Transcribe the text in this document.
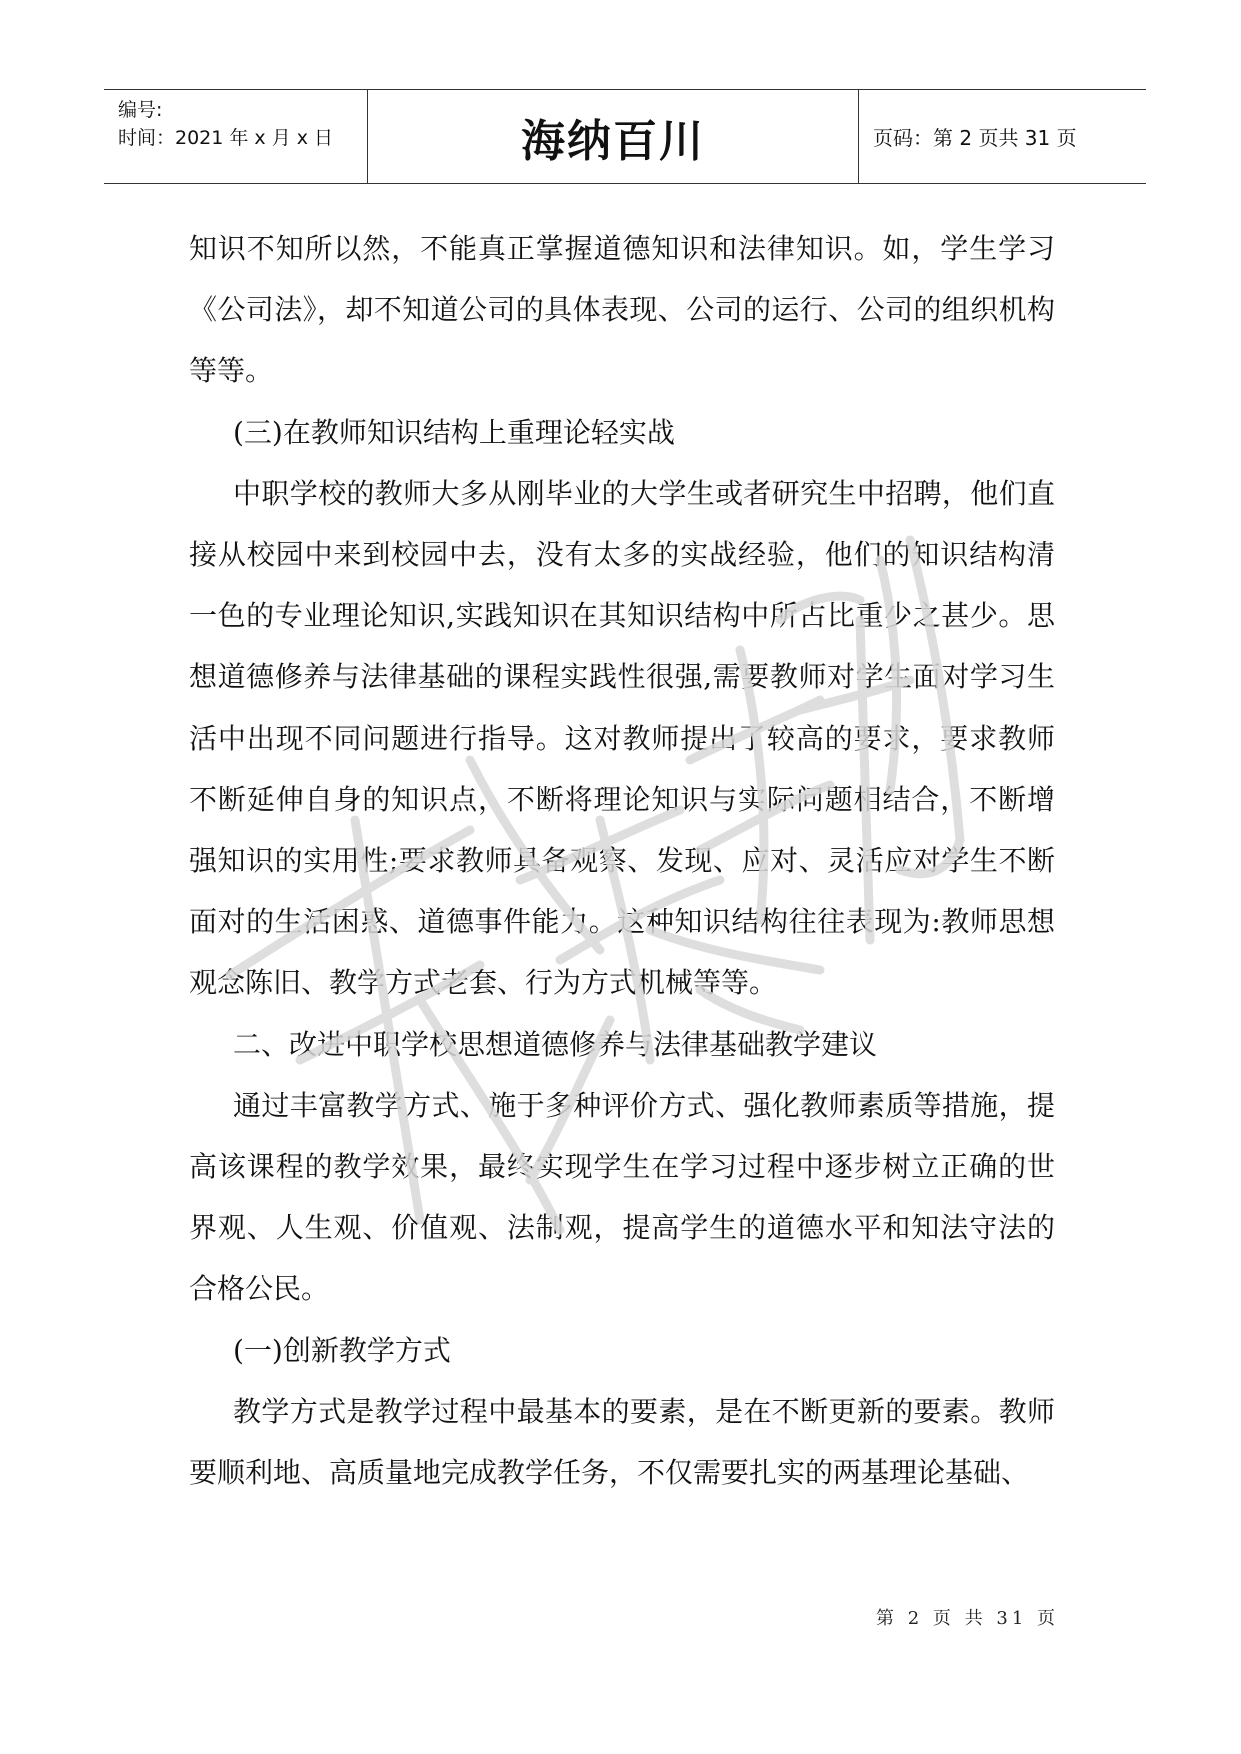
编号:
时间：2021 年 x 月 x 日	海纳百川	页码：第 2 页共 31 页

知识不知所以然，不能真正掌握道德知识和法律知识。如，学生学习《公司法》，却不知道公司的具体表现、公司的运行、公司的组织机构等等。

(三)在教师知识结构上重理论轻实战

中职学校的教师大多从刚毕业的大学生或者研究生中招聘，他们直接从校园中来到校园中去，没有太多的实战经验，他们的知识结构清一色的专业理论知识,实践知识在其知识结构中所占比重少之甚少。思想道德修养与法律基础的课程实践性很强,需要教师对学生面对学习生活中出现不同问题进行指导。这对教师提出了较高的要求，要求教师不断延伸自身的知识点，不断将理论知识与实际问题相结合，不断增强知识的实用性;要求教师具备观察、发现、应对、灵活应对学生不断面对的生活困惑、道德事件能力。这种知识结构往往表现为:教师思想观念陈旧、教学方式老套、行为方式机械等等。

二、改进中职学校思想道德修养与法律基础教学建议

通过丰富教学方式、施于多种评价方式、强化教师素质等措施，提高该课程的教学效果，最终实现学生在学习过程中逐步树立正确的世界观、人生观、价值观、法制观，提高学生的道德水平和知法守法的合格公民。

(一)创新教学方式

教学方式是教学过程中最基本的要素，是在不断更新的要素。教师要顺利地、高质量地完成教学任务，不仅需要扎实的两基理论基础、

第 2 页 共 31 页
